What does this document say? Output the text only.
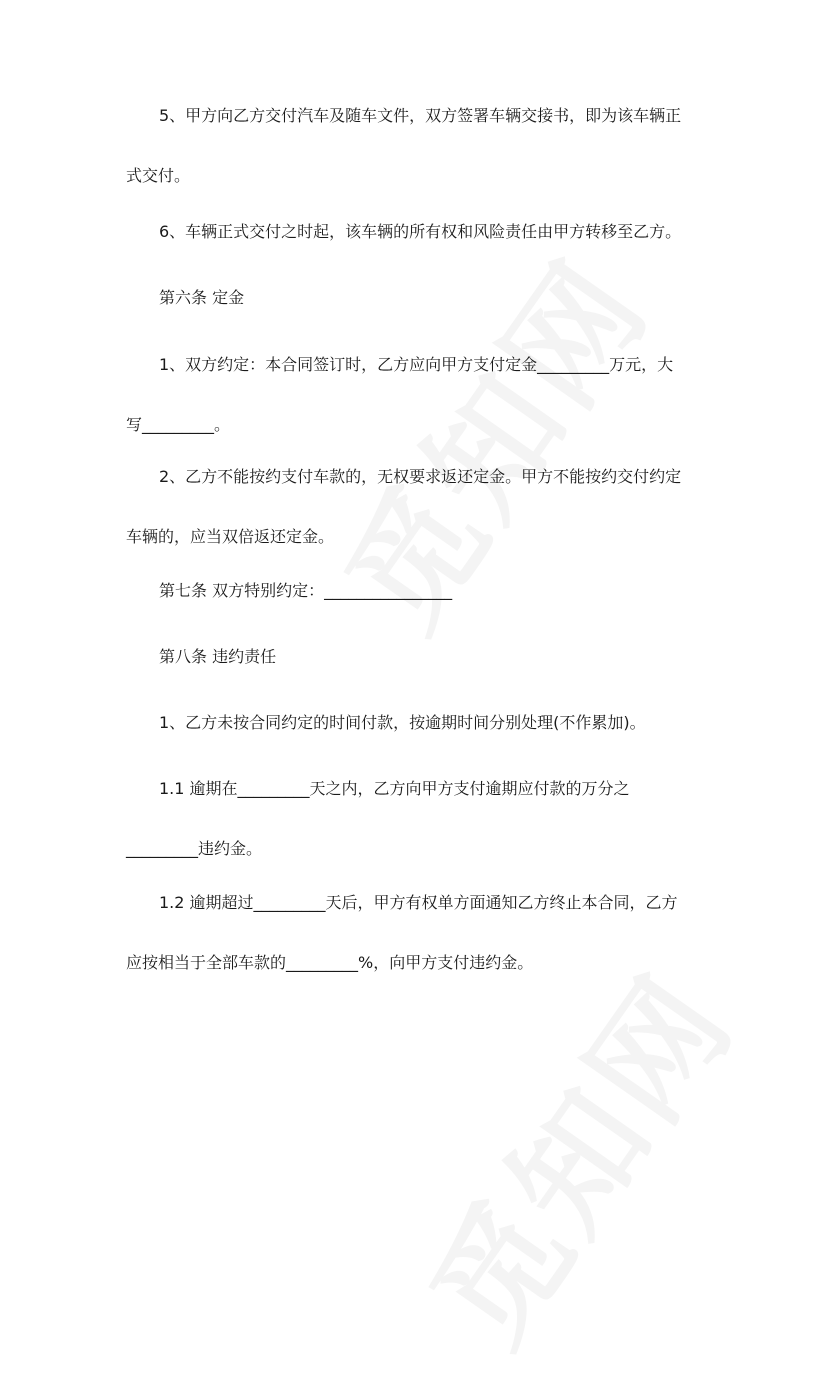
5、甲方向乙方交付汽车及随车文件，双方签署车辆交接书，即为该车辆正
式交付。

6、车辆正式交付之时起，该车辆的所有权和风险责任由甲方转移至乙方。

第六条 定金

1、双方约定：本合同签订时，乙方应向甲方支付定金_________万元，大
写_________。

2、乙方不能按约支付车款的，无权要求返还定金。甲方不能按约交付约定
车辆的，应当双倍返还定金。

第七条 双方特别约定：________________

第八条 违约责任

1、乙方未按合同约定的时间付款，按逾期时间分别处理(不作累加)。

1.1 逾期在_________天之内，乙方向甲方支付逾期应付款的万分之
_________违约金。

1.2 逾期超过_________天后，甲方有权单方面通知乙方终止本合同，乙方
应按相当于全部车款的_________%，向甲方支付违约金。
